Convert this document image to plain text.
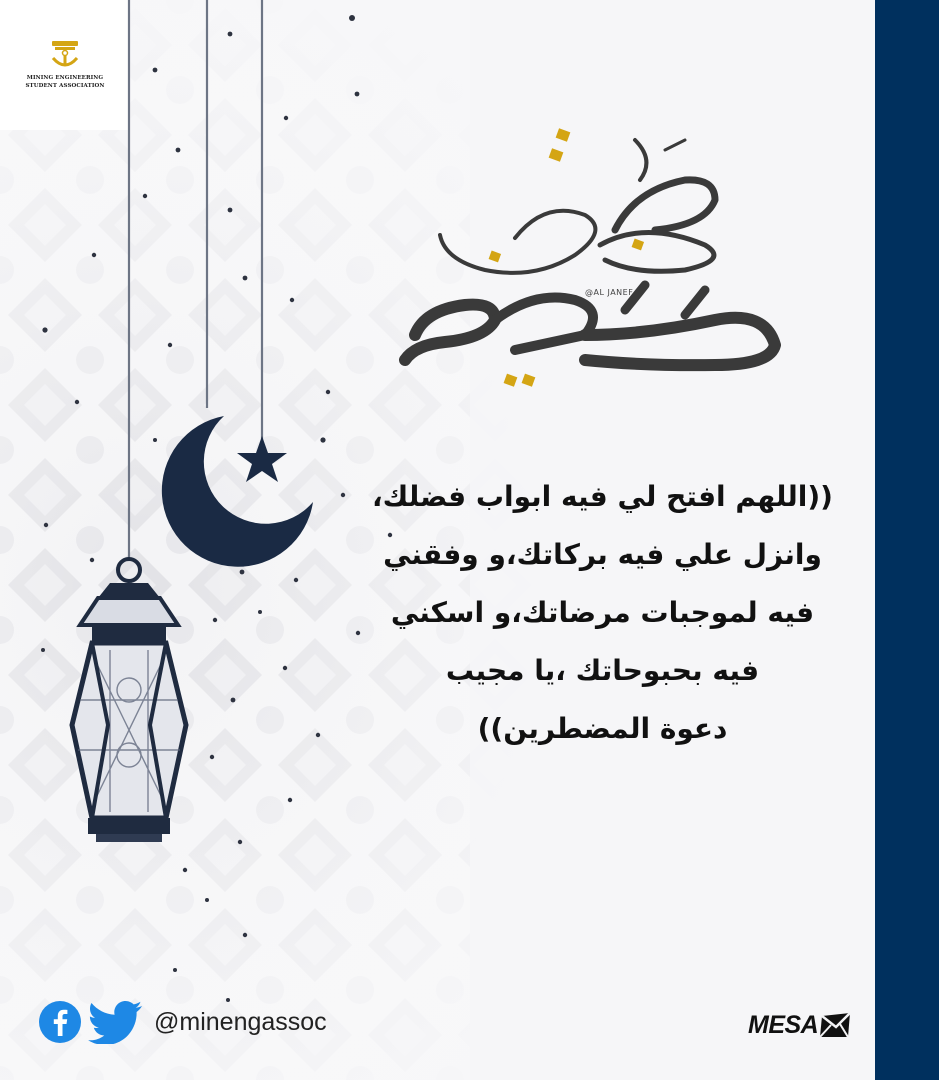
MINING ENGINEERING
STUDENT ASSOCIATION
@AL JANEF
((اللهم افتح لي فيه ابواب فضلك،
وانزل علي فيه بركاتك،و وفقني
فيه لموجبات مرضاتك،و اسكني
فيه بحبوحاتك ،يا مجيب
دعوة المضطرين))
@minengassoc	MESA
